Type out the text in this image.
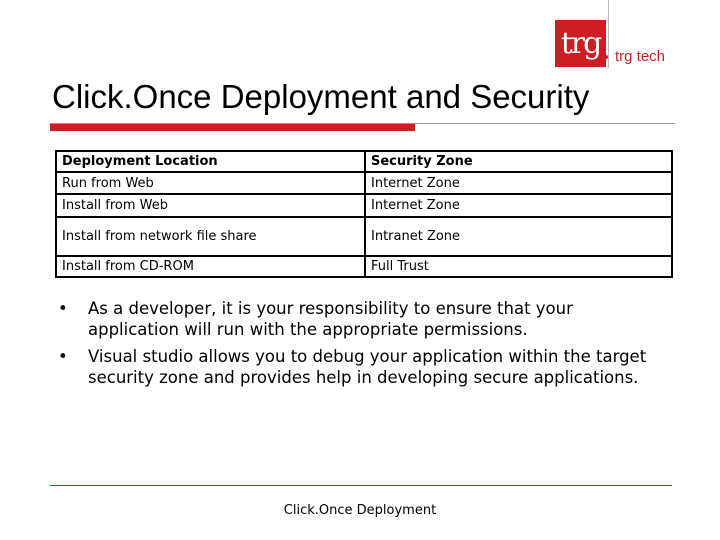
trg trg tech
Click.Once Deployment and Security
Deployment Location	Security Zone
Run from Web	Internet Zone
Install from Web	Internet Zone
Install from network file share	Intranet Zone
Install from CD-ROM	Full Trust
• As a developer, it is your responsibility to ensure that your application will run with the appropriate permissions.
• Visual studio allows you to debug your application within the target security zone and provides help in developing secure applications.
Click.Once Deployment
